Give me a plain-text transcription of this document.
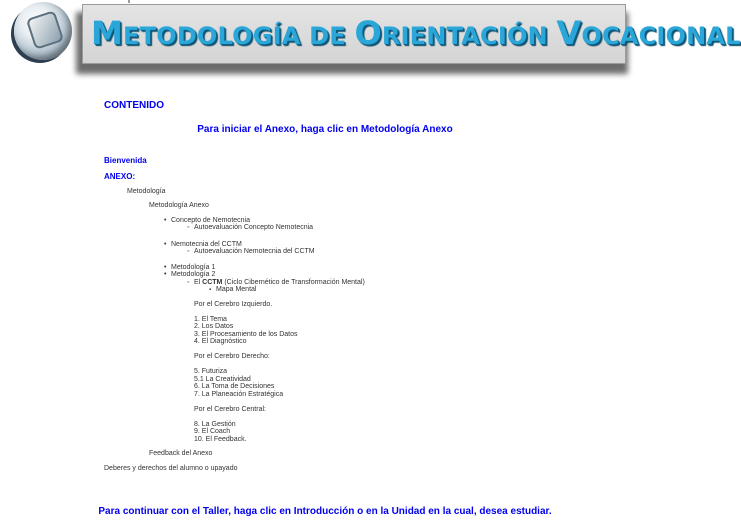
METODOLOGÍA DE ORIENTACIÓN VOCACIONAL
CONTENIDO
Para iniciar el Anexo, haga clic en Metodología Anexo
Bienvenida
ANEXO:
Metodología
Metodología Anexo
• Concepto de Nemotecnia
◦ Autoevaluación Concepto Nemotecnia
• Nemotecnia del CCTM
◦ Autoevaluación Nemotecnia del CCTM
• Metodología 1
• Metodología 2
◦ El CCTM (Ciclo Cibernético de Transformación Mental)
▪ Mapa Mental
Por el Cerebro Izquierdo.
1. El Tema
2. Los Datos
3. El Procesamiento de los Datos
4. El Diagnóstico
Por el Cerebro Derecho:
5. Futuriza
5.1 La Creatividad
6. La Toma de Decisiones
7. La Planeación Estratégica
Por el Cerebro Central:
8. La Gestión
9. El Coach
10. El Feedback.
Feedback del Anexo
Deberes y derechos del alumno o upayado
Para continuar con el Taller, haga clic en Introducción o en la Unidad en la cual, desea estudiar.
